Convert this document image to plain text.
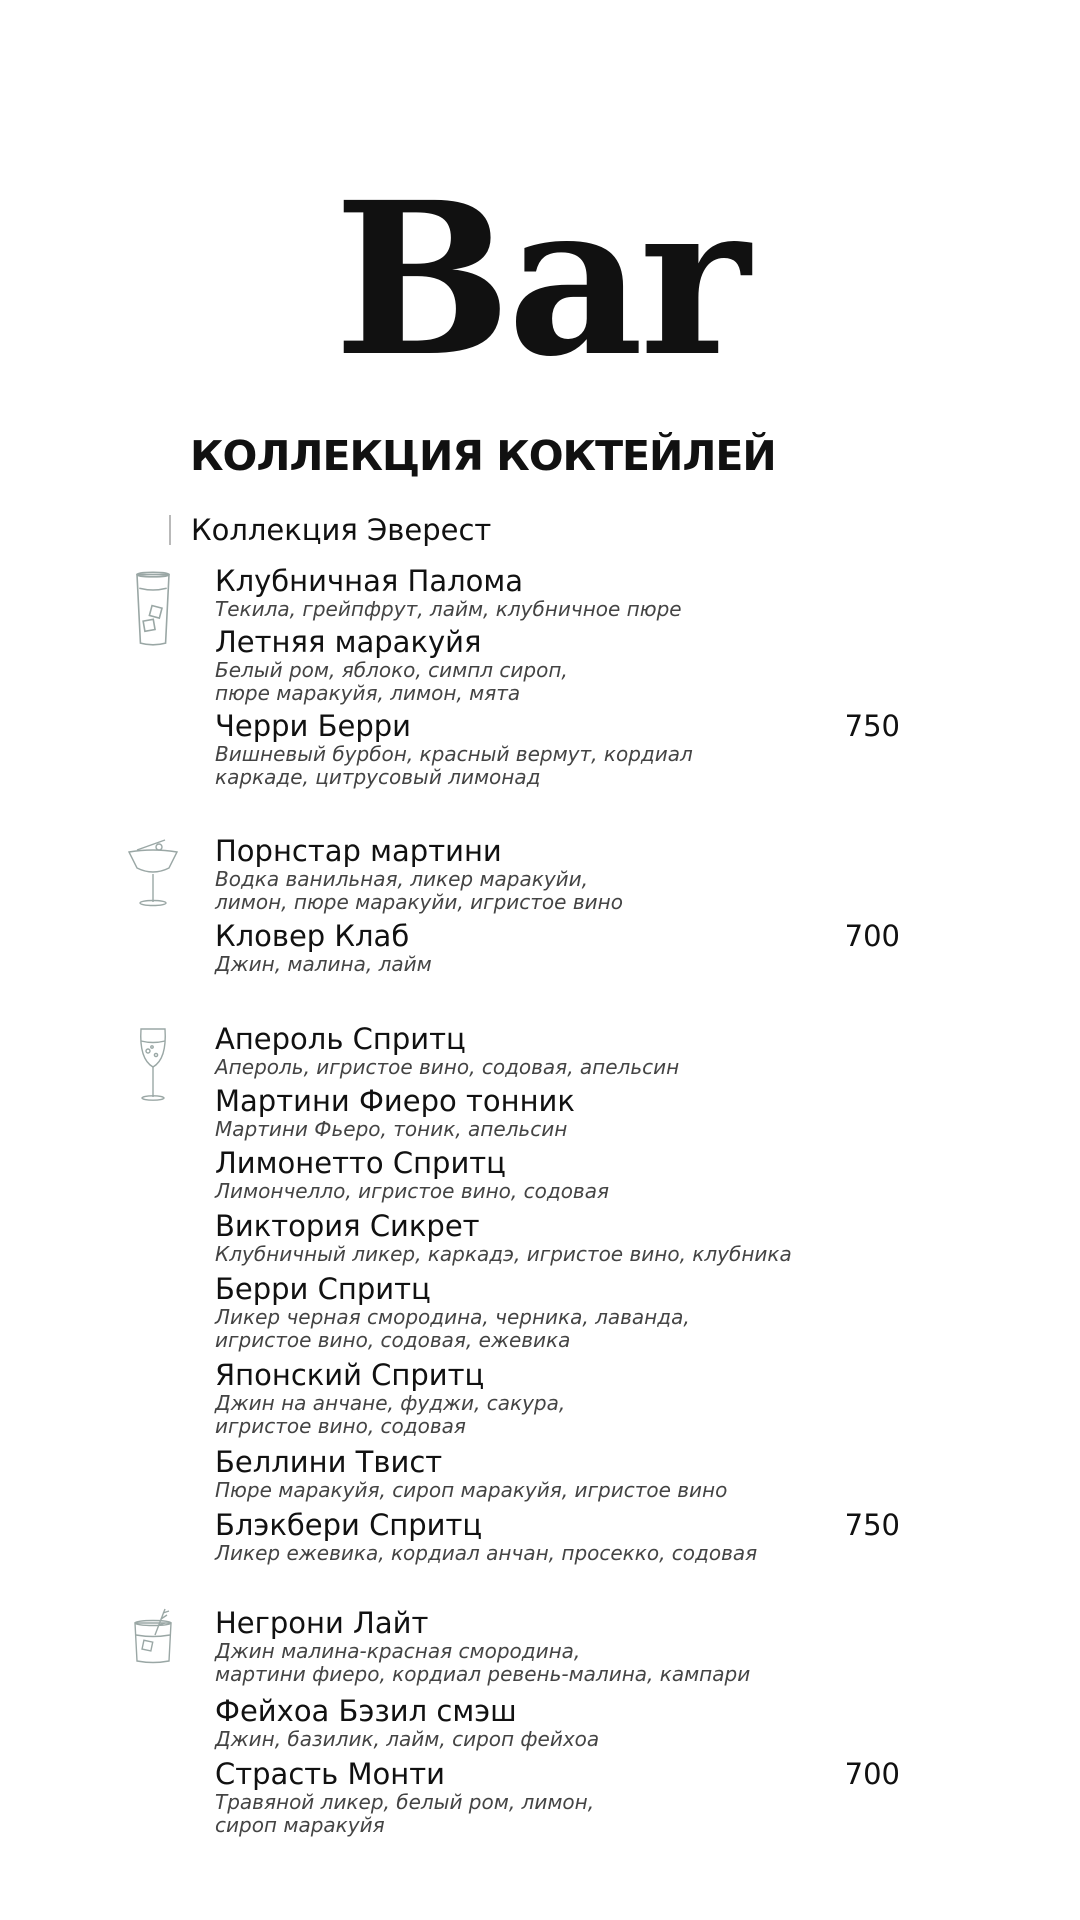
Bar
КОЛЛЕКЦИЯ КОКТЕЙЛЕЙ
Коллекция Эверест
Клубничная Палома
Текила, грейпфрут, лайм, клубничное пюре
Летняя маракуйя
Белый ром, яблоко, симпл сироп,
пюре маракуйя, лимон, мята
Черри Берри
Вишневый бурбон, красный вермут, кордиал
каркаде, цитрусовый лимонад
750
Порнстар мартини
Водка ванильная, ликер маракуйи,
лимон, пюре маракуйи, игристое вино
Кловер Клаб
Джин, малина, лайм
700
Апероль Спритц
Апероль, игристое вино, содовая, апельсин
Мартини Фиеро тонник
Мартини Фьеро, тоник, апельсин
Лимонетто Спритц
Лимончелло, игристое вино, содовая
Виктория Сикрет
Клубничный ликер, каркадэ, игристое вино, клубника
Берри Спритц
Ликер черная смородина, черника, лаванда,
игристое вино, содовая, ежевика
Японский Спритц
Джин на анчане, фуджи, сакура,
игристое вино, содовая
Беллини Твист
Пюре маракуйя, сироп маракуйя, игристое вино
Блэкбери Спритц
Ликер ежевика, кордиал анчан, просекко, содовая
750
Негрони Лайт
Джин малина-красная смородина,
мартини фиеро, кордиал ревень-малина, кампари
Фейхоа Бэзил смэш
Джин, базилик, лайм, сироп фейхоа
Страсть Монти
Травяной ликер, белый ром, лимон,
сироп маракуйя
700
